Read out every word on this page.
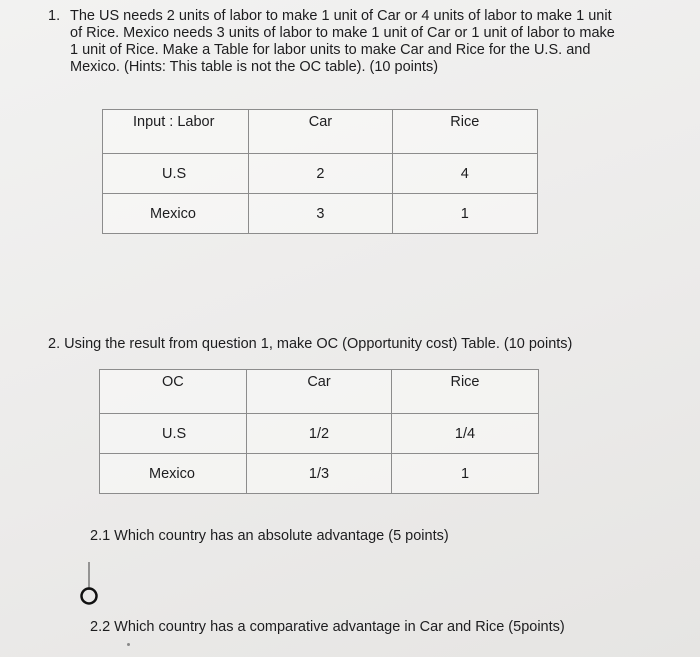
1. The US needs 2 units of labor to make 1 unit of Car or 4 units of labor to make 1 unit of Rice. Mexico needs 3 units of labor to make 1 unit of Car or 1 unit of labor to make 1 unit of Rice. Make a Table for labor units to make Car and Rice for the U.S. and Mexico. (Hints: This table is not the OC table). (10 points)
Input : Labor	Car	Rice

U.S	2	4

Mexico	3	1
2. Using the result from question 1, make OC (Opportunity cost) Table. (10 points)
OC	Car	Rice

U.S	1/2	1/4

Mexico	1/3	1
2.1 Which country has an absolute advantage (5 points)
2.2 Which country has a comparative advantage in Car and Rice (5points)
